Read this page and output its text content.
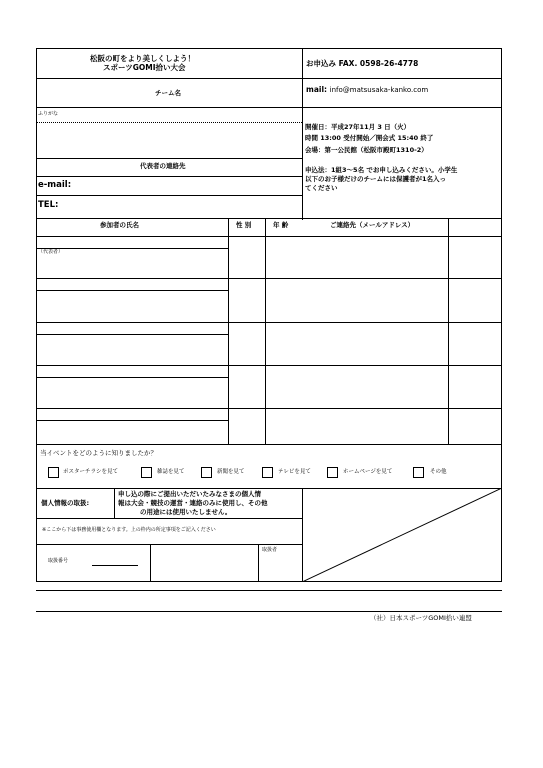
松阪の町をより美しくしよう！
スポーツGOMI拾い大会	お申込み FAX. 0598-26-4778
チーム名	mail: info@matsusaka-kanko.com
ふりがな
開催日：平成27年11月 3 日（火）
時間 13:00 受付開始／開会式 15:40 終了
会場：第一公民館（松阪市殿町1310-2）
申込法：1組3～5名 でお申し込みください。小学生
以下のお子様だけのチームには保護者が1名入っ
てください
代表者の連絡先
e-mail:
TEL:
参加者の氏名	性 別	年 齢	ご連絡先（メールアドレス）
（代表者）
当イベントをどのように知りましたか？
ポスターチラシを見て	雑誌を見て	新聞を見て	テレビを見て	ホームページを見て	その他
個人情報の取扱:
申し込の際にご提出いただいたみなさまの個人情
報は大会・競技の運営・連絡のみに使用し、その他
の用途には使用いたしません。
※ここから下は事務使用欄となります。上の枠内の所定事項をご記入ください
取扱番号
取扱者
（社）日本スポーツGOMI拾い連盟
